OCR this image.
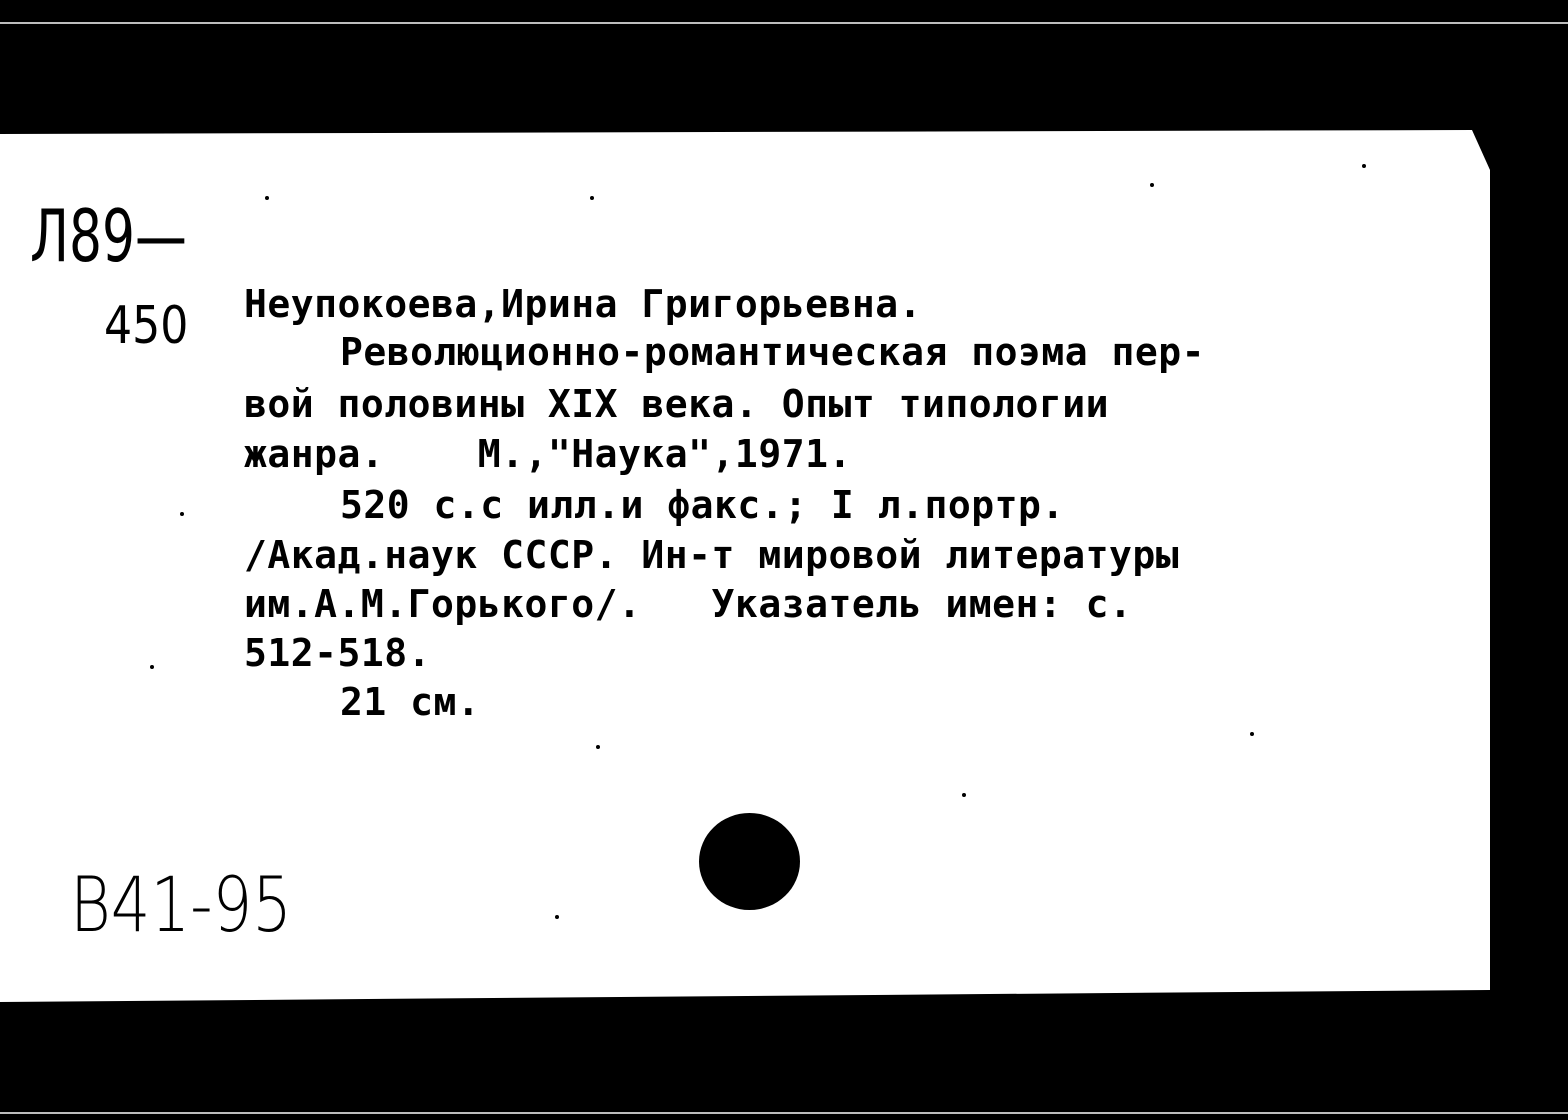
Л89—
450 Неупокоева,Ирина Григорьевна.
Революционно-романтическая поэма пер-
вой половины XIX века. Опыт типологии
жанра.    М.,"Наука",1971.
520 с.с илл.и факс.; I л.портр.
/Акад.наук СССР. Ин-т мировой литературы
им.А.М.Горького/.   Указатель имен: с.
512-518.
21 см.
В41-95
